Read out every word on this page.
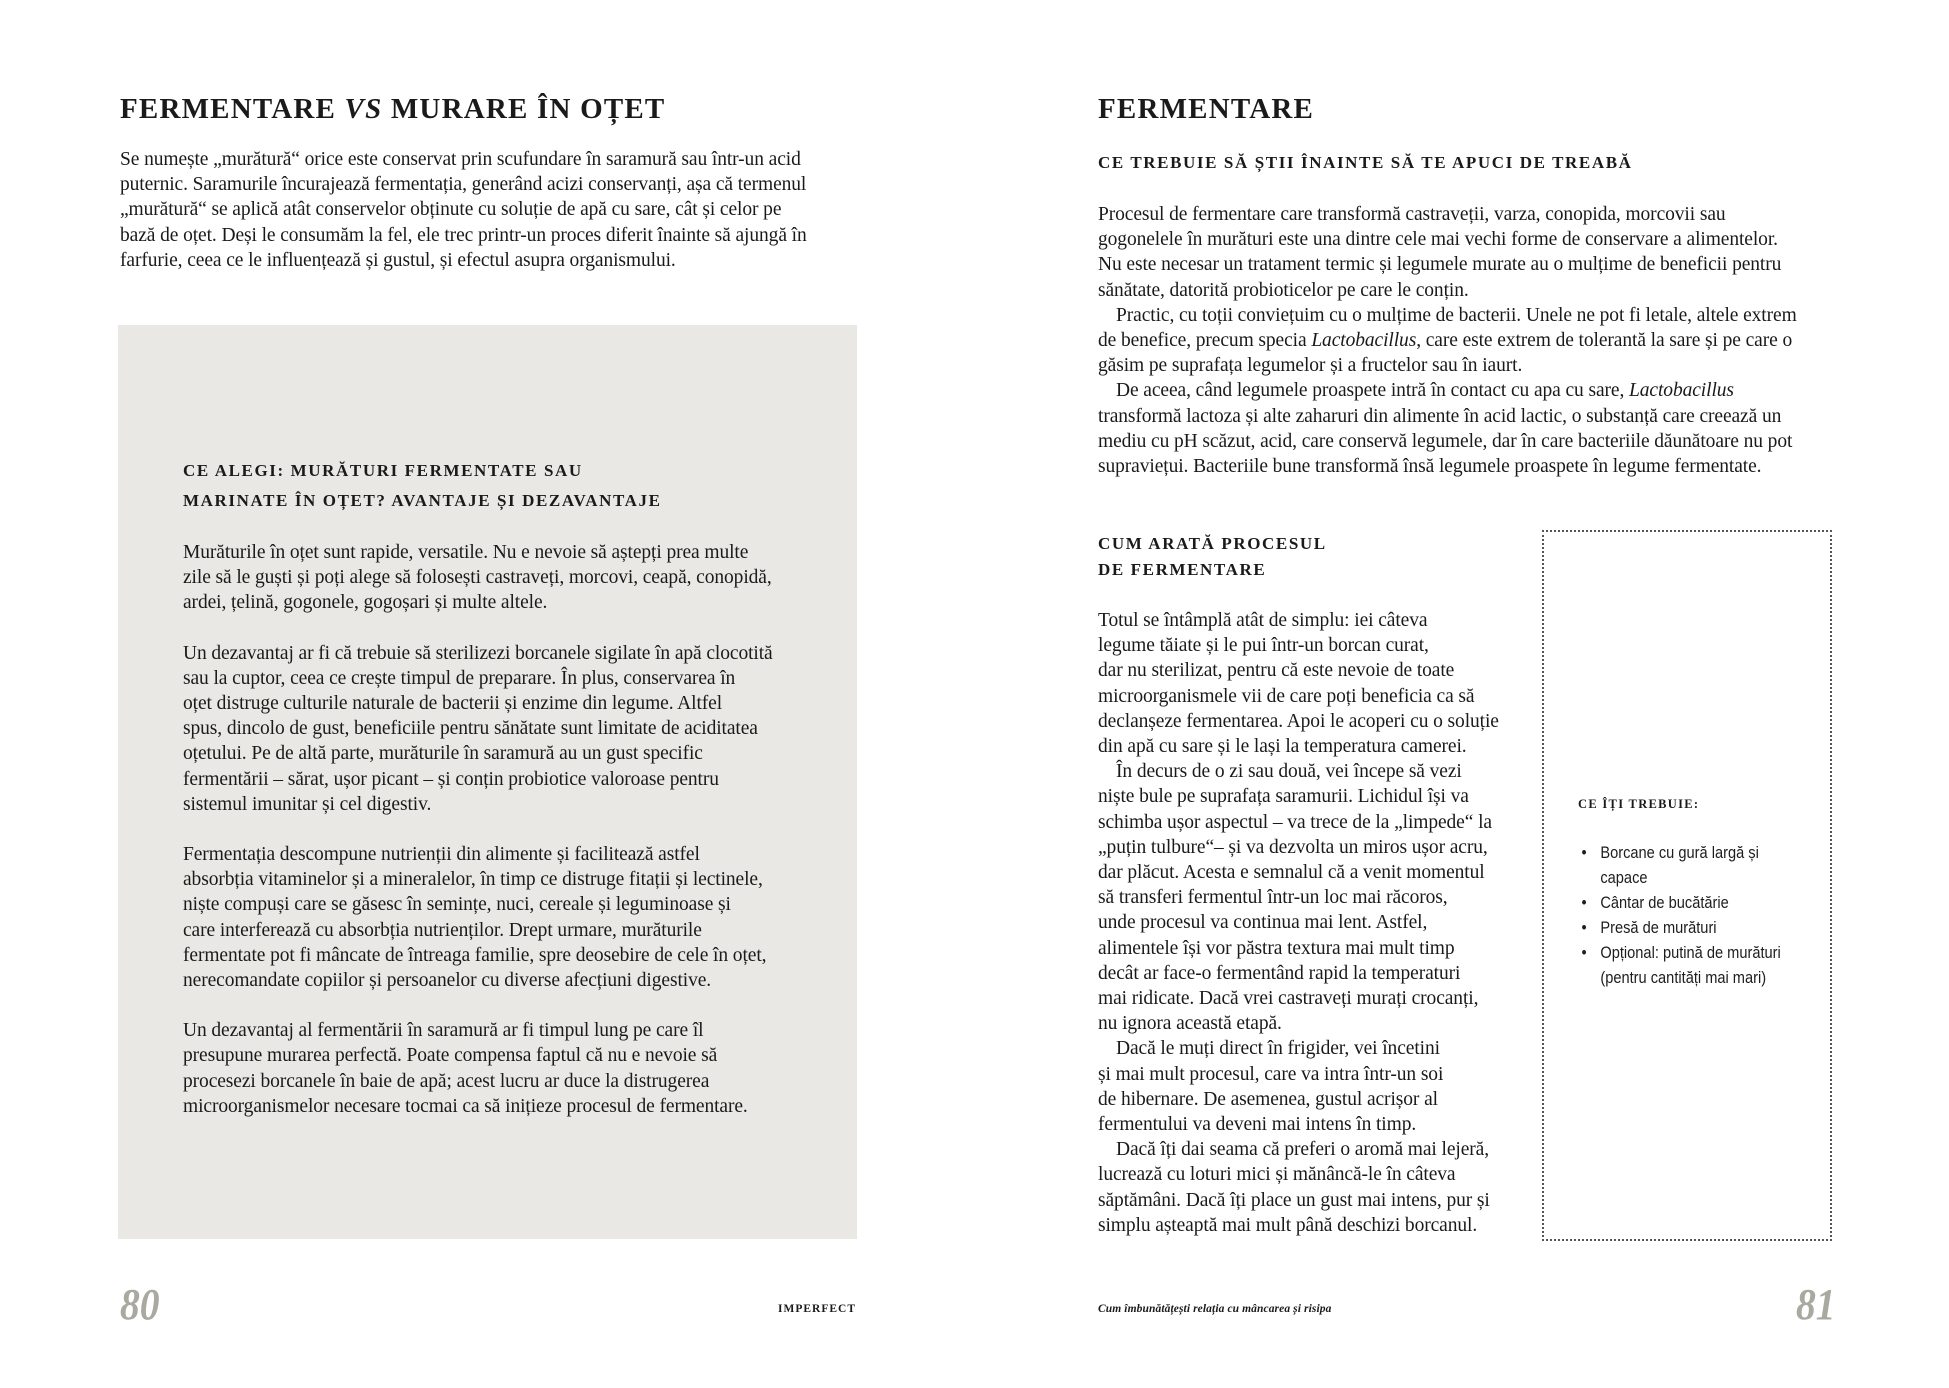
FERMENTARE VS MURARE ÎN OȚET

Se numește „murătură“ orice este conservat prin scufundare în saramură sau într-un acid

puternic. Saramurile încurajează fermentația, generând acizi conservanți, așa că termenul

„murătură“ se aplică atât conservelor obținute cu soluție de apă cu sare, cât și celor pe

bază de oțet. Deși le consumăm la fel, ele trec printr-un proces diferit înainte să ajungă în

farfurie, ceea ce le influențează și gustul, și efectul asupra organismului.

CE ALEGI: MURĂTURI FERMENTATE SAU
MARINATE ÎN OȚET? AVANTAJE ȘI DEZAVANTAJE

Murăturile în oțet sunt rapide, versatile. Nu e nevoie să aștepți prea multe

zile să le guști și poți alege să folosești castraveți, morcovi, ceapă, conopidă,

ardei, țelină, gogonele, gogoșari și multe altele.

Un dezavantaj ar fi că trebuie să sterilizezi borcanele sigilate în apă clocotită

sau la cuptor, ceea ce crește timpul de preparare. În plus, conservarea în

oțet distruge culturile naturale de bacterii și enzime din legume. Altfel

spus, dincolo de gust, beneficiile pentru sănătate sunt limitate de aciditatea

oțetului. Pe de altă parte, murăturile în saramură au un gust specific

fermentării – sărat, ușor picant – și conțin probiotice valoroase pentru

sistemul imunitar și cel digestiv.

Fermentația descompune nutrienții din alimente și facilitează astfel

absorbția vitaminelor și a mineralelor, în timp ce distruge fitații și lectinele,

niște compuși care se găsesc în semințe, nuci, cereale și leguminoase și

care interferează cu absorbția nutrienților. Drept urmare, murăturile

fermentate pot fi mâncate de întreaga familie, spre deosebire de cele în oțet,

nerecomandate copiilor și persoanelor cu diverse afecțiuni digestive.

Un dezavantaj al fermentării în saramură ar fi timpul lung pe care îl

presupune murarea perfectă. Poate compensa faptul că nu e nevoie să

procesezi borcanele în baie de apă; acest lucru ar duce la distrugerea

microorganismelor necesare tocmai ca să inițieze procesul de fermentare.

80	IMPERFECT
FERMENTARE
CE TREBUIE SĂ ȘTII ÎNAINTE SĂ TE APUCI DE TREABĂ

Procesul de fermentare care transformă castraveții, varza, conopida, morcovii sau

gogonelele în murături este una dintre cele mai vechi forme de conservare a alimentelor.

Nu este necesar un tratament termic și legumele murate au o mulțime de beneficii pentru

sănătate, datorită probioticelor pe care le conțin.

Practic, cu toții conviețuim cu o mulțime de bacterii. Unele ne pot fi letale, altele extrem

de benefice, precum specia Lactobacillus, care este extrem de tolerantă la sare și pe care o

găsim pe suprafața legumelor și a fructelor sau în iaurt.

De aceea, când legumele proaspete intră în contact cu apa cu sare, Lactobacillus

transformă lactoza și alte zaharuri din alimente în acid lactic, o substanță care creează un

mediu cu pH scăzut, acid, care conservă legumele, dar în care bacteriile dăunătoare nu pot

supraviețui. Bacteriile bune transformă însă legumele proaspete în legume fermentate.

CUM ARATĂ PROCESUL
DE FERMENTARE

Totul se întâmplă atât de simplu: iei câteva

legume tăiate și le pui într-un borcan curat,

dar nu sterilizat, pentru că este nevoie de toate

microorganismele vii de care poți beneficia ca să

declanșeze fermentarea. Apoi le acoperi cu o soluție

din apă cu sare și le lași la temperatura camerei.

În decurs de o zi sau două, vei începe să vezi

niște bule pe suprafața saramurii. Lichidul își va

schimba ușor aspectul – va trece de la „limpede“ la

„puțin tulbure“– și va dezvolta un miros ușor acru,

dar plăcut. Acesta e semnalul că a venit momentul

să transferi fermentul într-un loc mai răcoros,

unde procesul va continua mai lent. Astfel,

alimentele își vor păstra textura mai mult timp

decât ar face-o fermentând rapid la temperaturi

mai ridicate. Dacă vrei castraveți murați crocanți,

nu ignora această etapă.

Dacă le muți direct în frigider, vei încetini

și mai mult procesul, care va intra într-un soi

de hibernare. De asemenea, gustul acrișor al

fermentului va deveni mai intens în timp.

Dacă îți dai seama că preferi o aromă mai lejeră,

lucrează cu loturi mici și mănâncă-le în câteva

săptămâni. Dacă îți place un gust mai intens, pur și

simplu așteaptă mai mult până deschizi borcanul.

CE ÎȚI TREBUIE:
• Borcane cu gură largă și
capace
• Cântar de bucătărie
• Presă de murături
• Opțional: putină de murături
(pentru cantități mai mari)
Cum îmbunătățești relația cu mâncarea și risipa	81
